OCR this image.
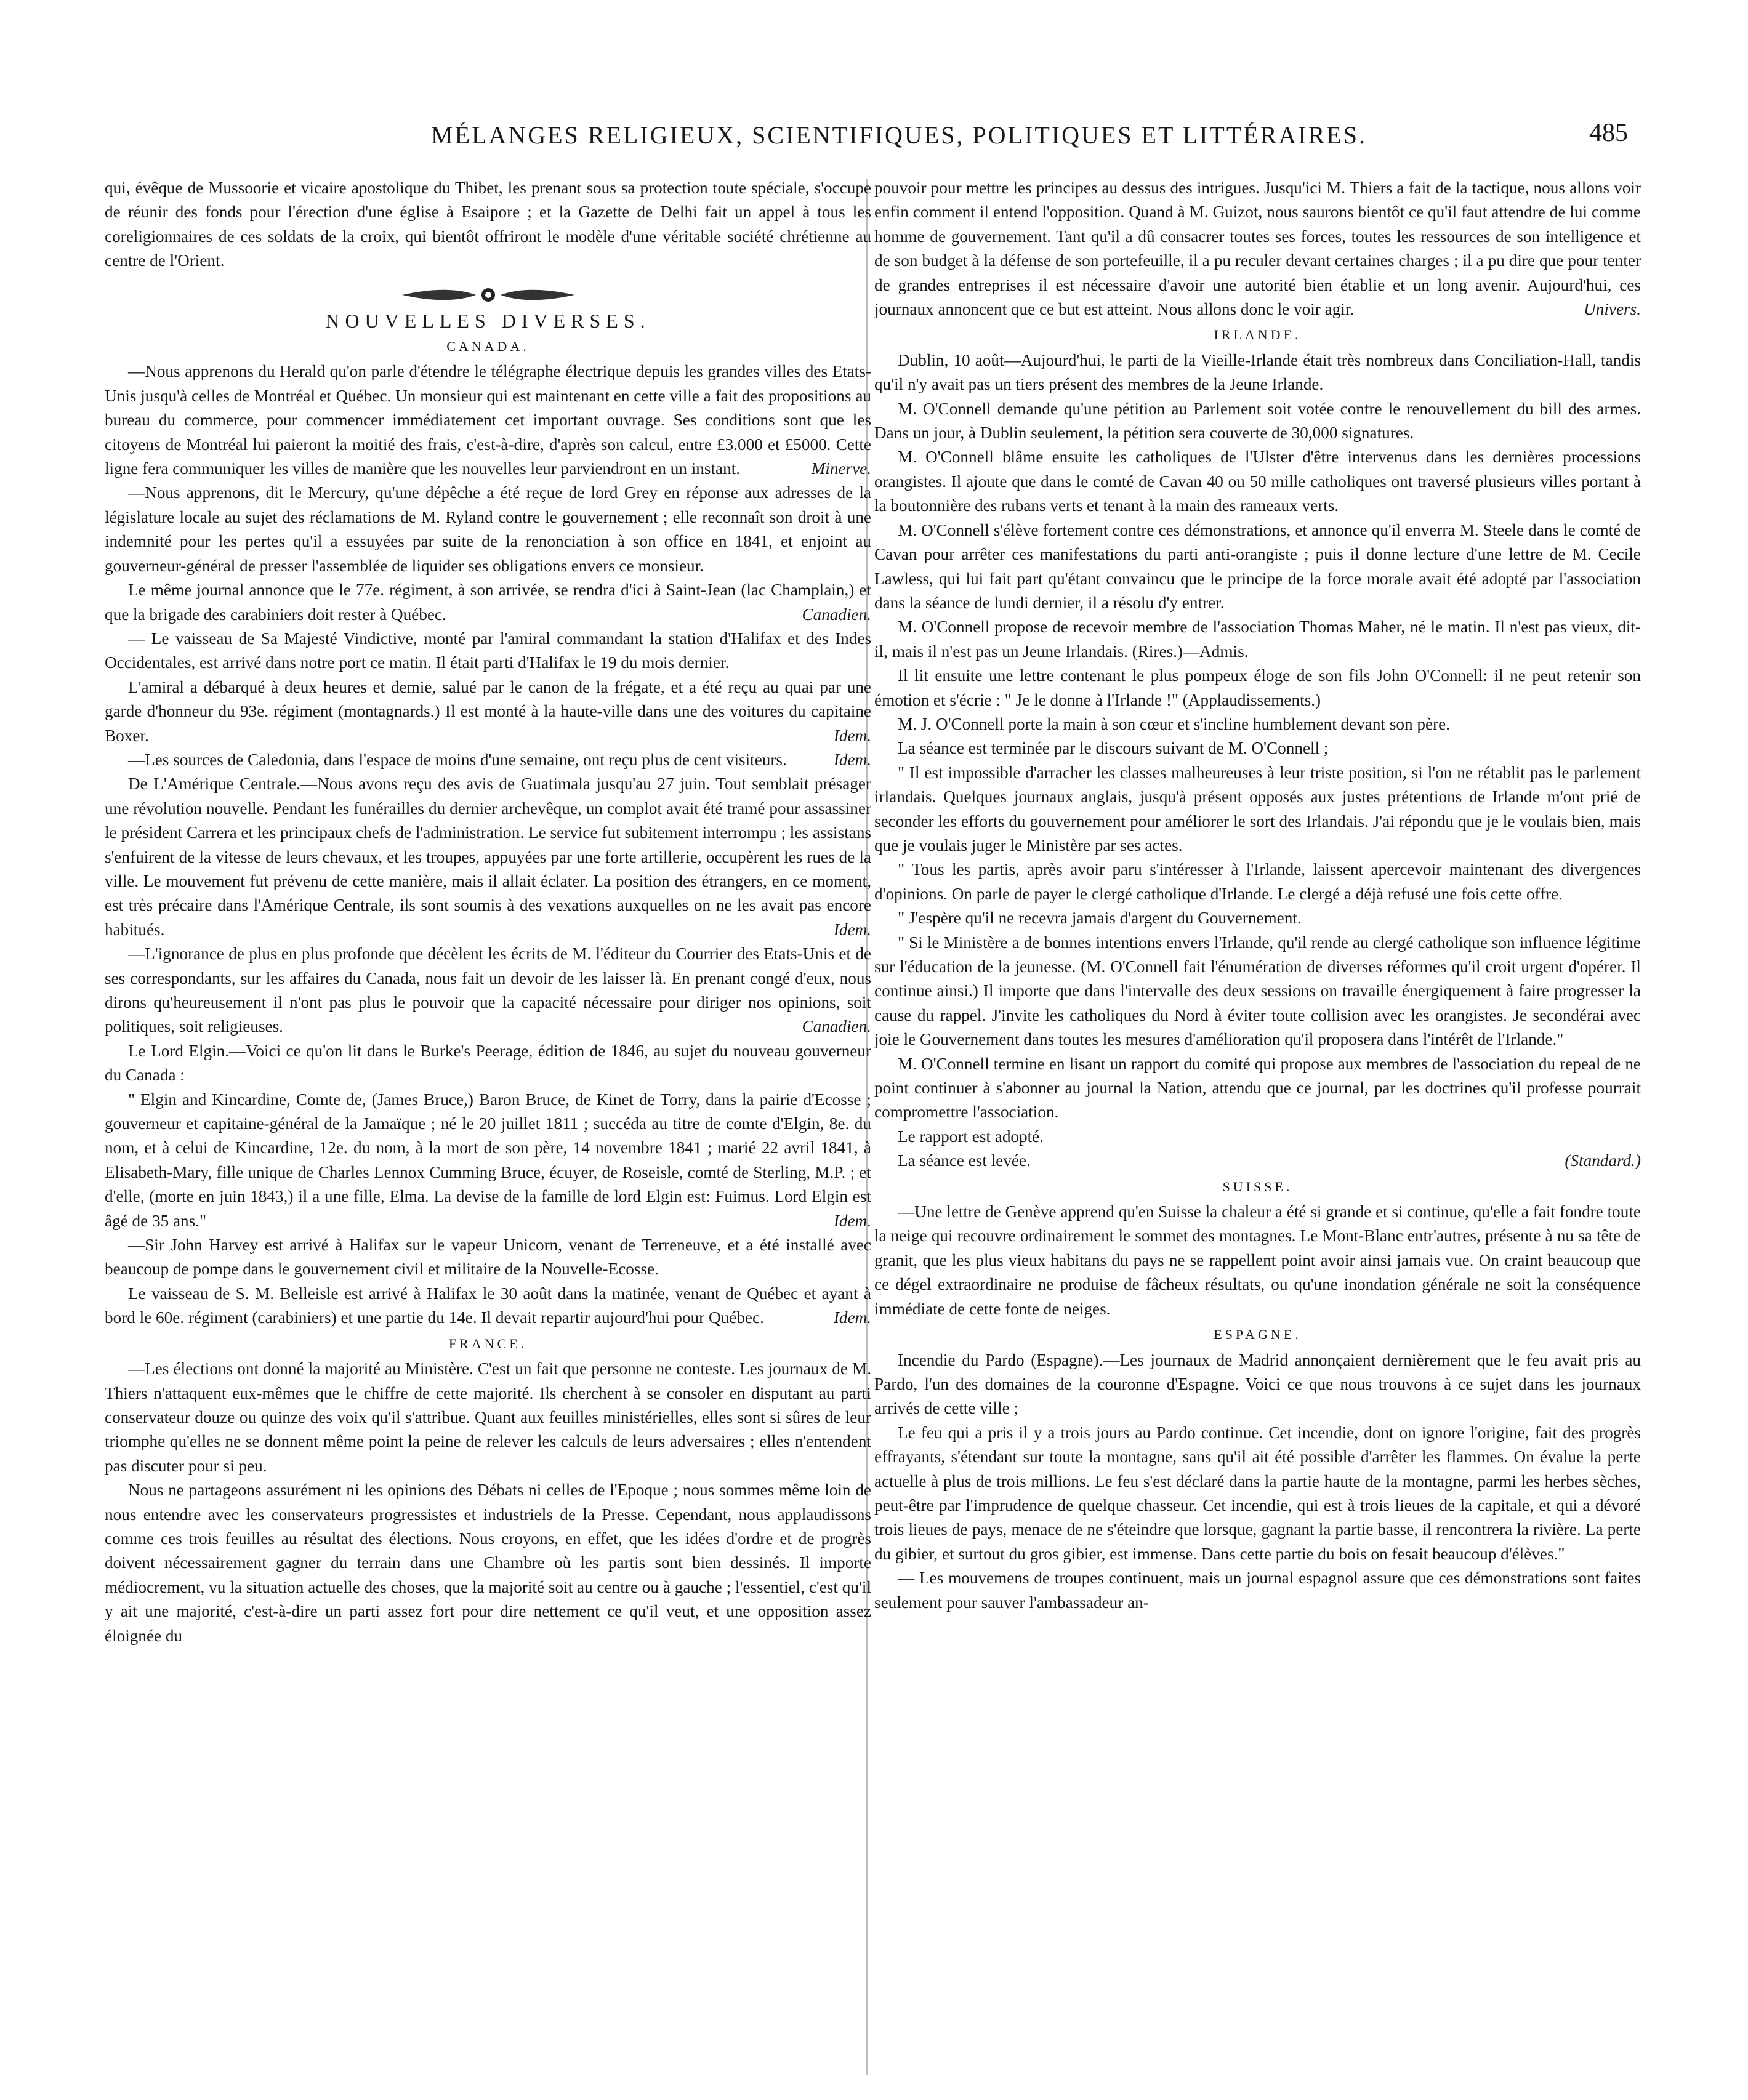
MÉLANGES RELIGIEUX, SCIENTIFIQUES, POLITIQUES ET LITTÉRAIRES.	485

qui, évêque de Mussoorie et vicaire apostolique du Thibet, les prenant sous sa protection toute spéciale, s'occupe de réunir des fonds pour l'érection d'une église à Esaipore ; et la Gazette de Delhi fait un appel à tous les coreligionnaires de ces soldats de la croix, qui bientôt offriront le modèle d'une véritable société chrétienne au centre de l'Orient.

NOUVELLES DIVERSES.
CANADA.

—Nous apprenons du Herald qu'on parle d'étendre le télégraphe électrique depuis les grandes villes des Etats-Unis jusqu'à celles de Montréal et Québec. Un monsieur qui est maintenant en cette ville a fait des propositions au bureau du commerce, pour commencer immédiatement cet important ouvrage. Ses conditions sont que les citoyens de Montréal lui paieront la moitié des frais, c'est-à-dire, d'après son calcul, entre £3.000 et £5000. Cette ligne fera communiquer les villes de manière que les nouvelles leur parviendront en un instant.	Minerve.

—Nous apprenons, dit le Mercury, qu'une dépêche a été reçue de lord Grey en réponse aux adresses de la législature locale au sujet des réclamations de M. Ryland contre le gouvernement ; elle reconnaît son droit à une indemnité pour les pertes qu'il a essuyées par suite de la renonciation à son office en 1841, et enjoint au gouverneur-général de presser l'assemblée de liquider ses obligations envers ce monsieur.

Le même journal annonce que le 77e. régiment, à son arrivée, se rendra d'ici à Saint-Jean (lac Champlain,) et que la brigade des carabiniers doit rester à Québec.	Canadien.

— Le vaisseau de Sa Majesté Vindictive, monté par l'amiral commandant la station d'Halifax et des Indes Occidentales, est arrivé dans notre port ce matin. Il était parti d'Halifax le 19 du mois dernier.

L'amiral a débarqué à deux heures et demie, salué par le canon de la frégate, et a été reçu au quai par une garde d'honneur du 93e. régiment (montagnards.) Il est monté à la haute-ville dans une des voitures du capitaine Boxer.	Idem.

—Les sources de Caledonia, dans l'espace de moins d'une semaine, ont reçu plus de cent visiteurs.	Idem.

De L'Amérique Centrale.—Nous avons reçu des avis de Guatimala jusqu'au 27 juin. Tout semblait présager une révolution nouvelle. Pendant les funérailles du dernier archevêque, un complot avait été tramé pour assassiner le président Carrera et les principaux chefs de l'administration. Le service fut subitement interrompu ; les assistans s'enfuirent de la vitesse de leurs chevaux, et les troupes, appuyées par une forte artillerie, occupèrent les rues de la ville. Le mouvement fut prévenu de cette manière, mais il allait éclater. La position des étrangers, en ce moment, est très précaire dans l'Amérique Centrale, ils sont soumis à des vexations auxquelles on ne les avait pas encore habitués.	Idem.

—L'ignorance de plus en plus profonde que décèlent les écrits de M. l'éditeur du Courrier des Etats-Unis et de ses correspondants, sur les affaires du Canada, nous fait un devoir de les laisser là. En prenant congé d'eux, nous dirons qu'heureusement il n'ont pas plus le pouvoir que la capacité nécessaire pour diriger nos opinions, soit politiques, soit religieuses.	Canadien.

Le Lord Elgin.—Voici ce qu'on lit dans le Burke's Peerage, édition de 1846, au sujet du nouveau gouverneur du Canada :

" Elgin and Kincardine, Comte de, (James Bruce,) Baron Bruce, de Kinet de Torry, dans la pairie d'Ecosse ; gouverneur et capitaine-général de la Jamaïque ; né le 20 juillet 1811 ; succéda au titre de comte d'Elgin, 8e. du nom, et à celui de Kincardine, 12e. du nom, à la mort de son père, 14 novembre 1841 ; marié 22 avril 1841, à Elisabeth-Mary, fille unique de Charles Lennox Cumming Bruce, écuyer, de Roseisle, comté de Sterling, M.P. ; et d'elle, (morte en juin 1843,) il a une fille, Elma. La devise de la famille de lord Elgin est: Fuimus. Lord Elgin est âgé de 35 ans."	Idem.

—Sir John Harvey est arrivé à Halifax sur le vapeur Unicorn, venant de Terreneuve, et a été installé avec beaucoup de pompe dans le gouvernement civil et militaire de la Nouvelle-Ecosse.

Le vaisseau de S. M. Belleisle est arrivé à Halifax le 30 août dans la matinée, venant de Québec et ayant à bord le 60e. régiment (carabiniers) et une partie du 14e. Il devait repartir aujourd'hui pour Québec.	Idem.

FRANCE.

—Les élections ont donné la majorité au Ministère. C'est un fait que personne ne conteste. Les journaux de M. Thiers n'attaquent eux-mêmes que le chiffre de cette majorité. Ils cherchent à se consoler en disputant au parti conservateur douze ou quinze des voix qu'il s'attribue. Quant aux feuilles ministérielles, elles sont si sûres de leur triomphe qu'elles ne se donnent même point la peine de relever les calculs de leurs adversaires ; elles n'entendent pas discuter pour si peu.

Nous ne partageons assurément ni les opinions des Débats ni celles de l'Epoque ; nous sommes même loin de nous entendre avec les conservateurs progressistes et industriels de la Presse. Cependant, nous applaudissons comme ces trois feuilles au résultat des élections. Nous croyons, en effet, que les idées d'ordre et de progrès doivent nécessairement gagner du terrain dans une Chambre où les partis sont bien dessinés. Il importe médiocrement, vu la situation actuelle des choses, que la majorité soit au centre ou à gauche ; l'essentiel, c'est qu'il y ait une majorité, c'est-à-dire un parti assez fort pour dire nettement ce qu'il veut, et une opposition assez éloignée du

pouvoir pour mettre les principes au dessus des intrigues. Jusqu'ici M. Thiers a fait de la tactique, nous allons voir enfin comment il entend l'opposition. Quand à M. Guizot, nous saurons bientôt ce qu'il faut attendre de lui comme homme de gouvernement. Tant qu'il a dû consacrer toutes ses forces, toutes les ressources de son intelligence et de son budget à la défense de son portefeuille, il a pu reculer devant certaines charges ; il a pu dire que pour tenter de grandes entreprises il est nécessaire d'avoir une autorité bien établie et un long avenir. Aujourd'hui, ces journaux annoncent que ce but est atteint. Nous allons donc le voir agir.	Univers.

IRLANDE.

Dublin, 10 août—Aujourd'hui, le parti de la Vieille-Irlande était très nombreux dans Conciliation-Hall, tandis qu'il n'y avait pas un tiers présent des membres de la Jeune Irlande.

M. O'Connell demande qu'une pétition au Parlement soit votée contre le renouvellement du bill des armes. Dans un jour, à Dublin seulement, la pétition sera couverte de 30,000 signatures.

M. O'Connell blâme ensuite les catholiques de l'Ulster d'être intervenus dans les dernières processions orangistes. Il ajoute que dans le comté de Cavan 40 ou 50 mille catholiques ont traversé plusieurs villes portant à la boutonnière des rubans verts et tenant à la main des rameaux verts.

M. O'Connell s'élève fortement contre ces démonstrations, et annonce qu'il enverra M. Steele dans le comté de Cavan pour arrêter ces manifestations du parti anti-orangiste ; puis il donne lecture d'une lettre de M. Cecile Lawless, qui lui fait part qu'étant convaincu que le principe de la force morale avait été adopté par l'association dans la séance de lundi dernier, il a résolu d'y entrer.

M. O'Connell propose de recevoir membre de l'association Thomas Maher, né le matin. Il n'est pas vieux, dit-il, mais il n'est pas un Jeune Irlandais. (Rires.)—Admis.

Il lit ensuite une lettre contenant le plus pompeux éloge de son fils John O'Connell: il ne peut retenir son émotion et s'écrie : " Je le donne à l'Irlande !" (Applaudissements.)

M. J. O'Connell porte la main à son cœur et s'incline humblement devant son père.

La séance est terminée par le discours suivant de M. O'Connell ;

" Il est impossible d'arracher les classes malheureuses à leur triste position, si l'on ne rétablit pas le parlement irlandais. Quelques journaux anglais, jusqu'à présent opposés aux justes prétentions de Irlande m'ont prié de seconder les efforts du gouvernement pour améliorer le sort des Irlandais. J'ai répondu que je le voulais bien, mais que je voulais juger le Ministère par ses actes.

" Tous les partis, après avoir paru s'intéresser à l'Irlande, laissent apercevoir maintenant des divergences d'opinions. On parle de payer le clergé catholique d'Irlande. Le clergé a déjà refusé une fois cette offre.

" J'espère qu'il ne recevra jamais d'argent du Gouvernement.

" Si le Ministère a de bonnes intentions envers l'Irlande, qu'il rende au clergé catholique son influence légitime sur l'éducation de la jeunesse. (M. O'Connell fait l'énumération de diverses réformes qu'il croit urgent d'opérer. Il continue ainsi.) Il importe que dans l'intervalle des deux sessions on travaille énergiquement à faire progresser la cause du rappel. J'invite les catholiques du Nord à éviter toute collision avec les orangistes. Je secondérai avec joie le Gouvernement dans toutes les mesures d'amélioration qu'il proposera dans l'intérêt de l'Irlande."

M. O'Connell termine en lisant un rapport du comité qui propose aux membres de l'association du repeal de ne point continuer à s'abonner au journal la Nation, attendu que ce journal, par les doctrines qu'il professe pourrait compromettre l'association.

Le rapport est adopté.

La séance est levée.	(Standard.)

SUISSE.

—Une lettre de Genève apprend qu'en Suisse la chaleur a été si grande et si continue, qu'elle a fait fondre toute la neige qui recouvre ordinairement le sommet des montagnes. Le Mont-Blanc entr'autres, présente à nu sa tête de granit, que les plus vieux habitans du pays ne se rappellent point avoir ainsi jamais vue. On craint beaucoup que ce dégel extraordinaire ne produise de fâcheux résultats, ou qu'une inondation générale ne soit la conséquence immédiate de cette fonte de neiges.

ESPAGNE.

Incendie du Pardo (Espagne).—Les journaux de Madrid annonçaient dernièrement que le feu avait pris au Pardo, l'un des domaines de la couronne d'Espagne. Voici ce que nous trouvons à ce sujet dans les journaux arrivés de cette ville ;

Le feu qui a pris il y a trois jours au Pardo continue. Cet incendie, dont on ignore l'origine, fait des progrès effrayants, s'étendant sur toute la montagne, sans qu'il ait été possible d'arrêter les flammes. On évalue la perte actuelle à plus de trois millions. Le feu s'est déclaré dans la partie haute de la montagne, parmi les herbes sèches, peut-être par l'imprudence de quelque chasseur. Cet incendie, qui est à trois lieues de la capitale, et qui a dévoré trois lieues de pays, menace de ne s'éteindre que lorsque, gagnant la partie basse, il rencontrera la rivière. La perte du gibier, et surtout du gros gibier, est immense. Dans cette partie du bois on fesait beaucoup d'élèves."

— Les mouvemens de troupes continuent, mais un journal espagnol assure que ces démonstrations sont faites seulement pour sauver l'ambassadeur an-
